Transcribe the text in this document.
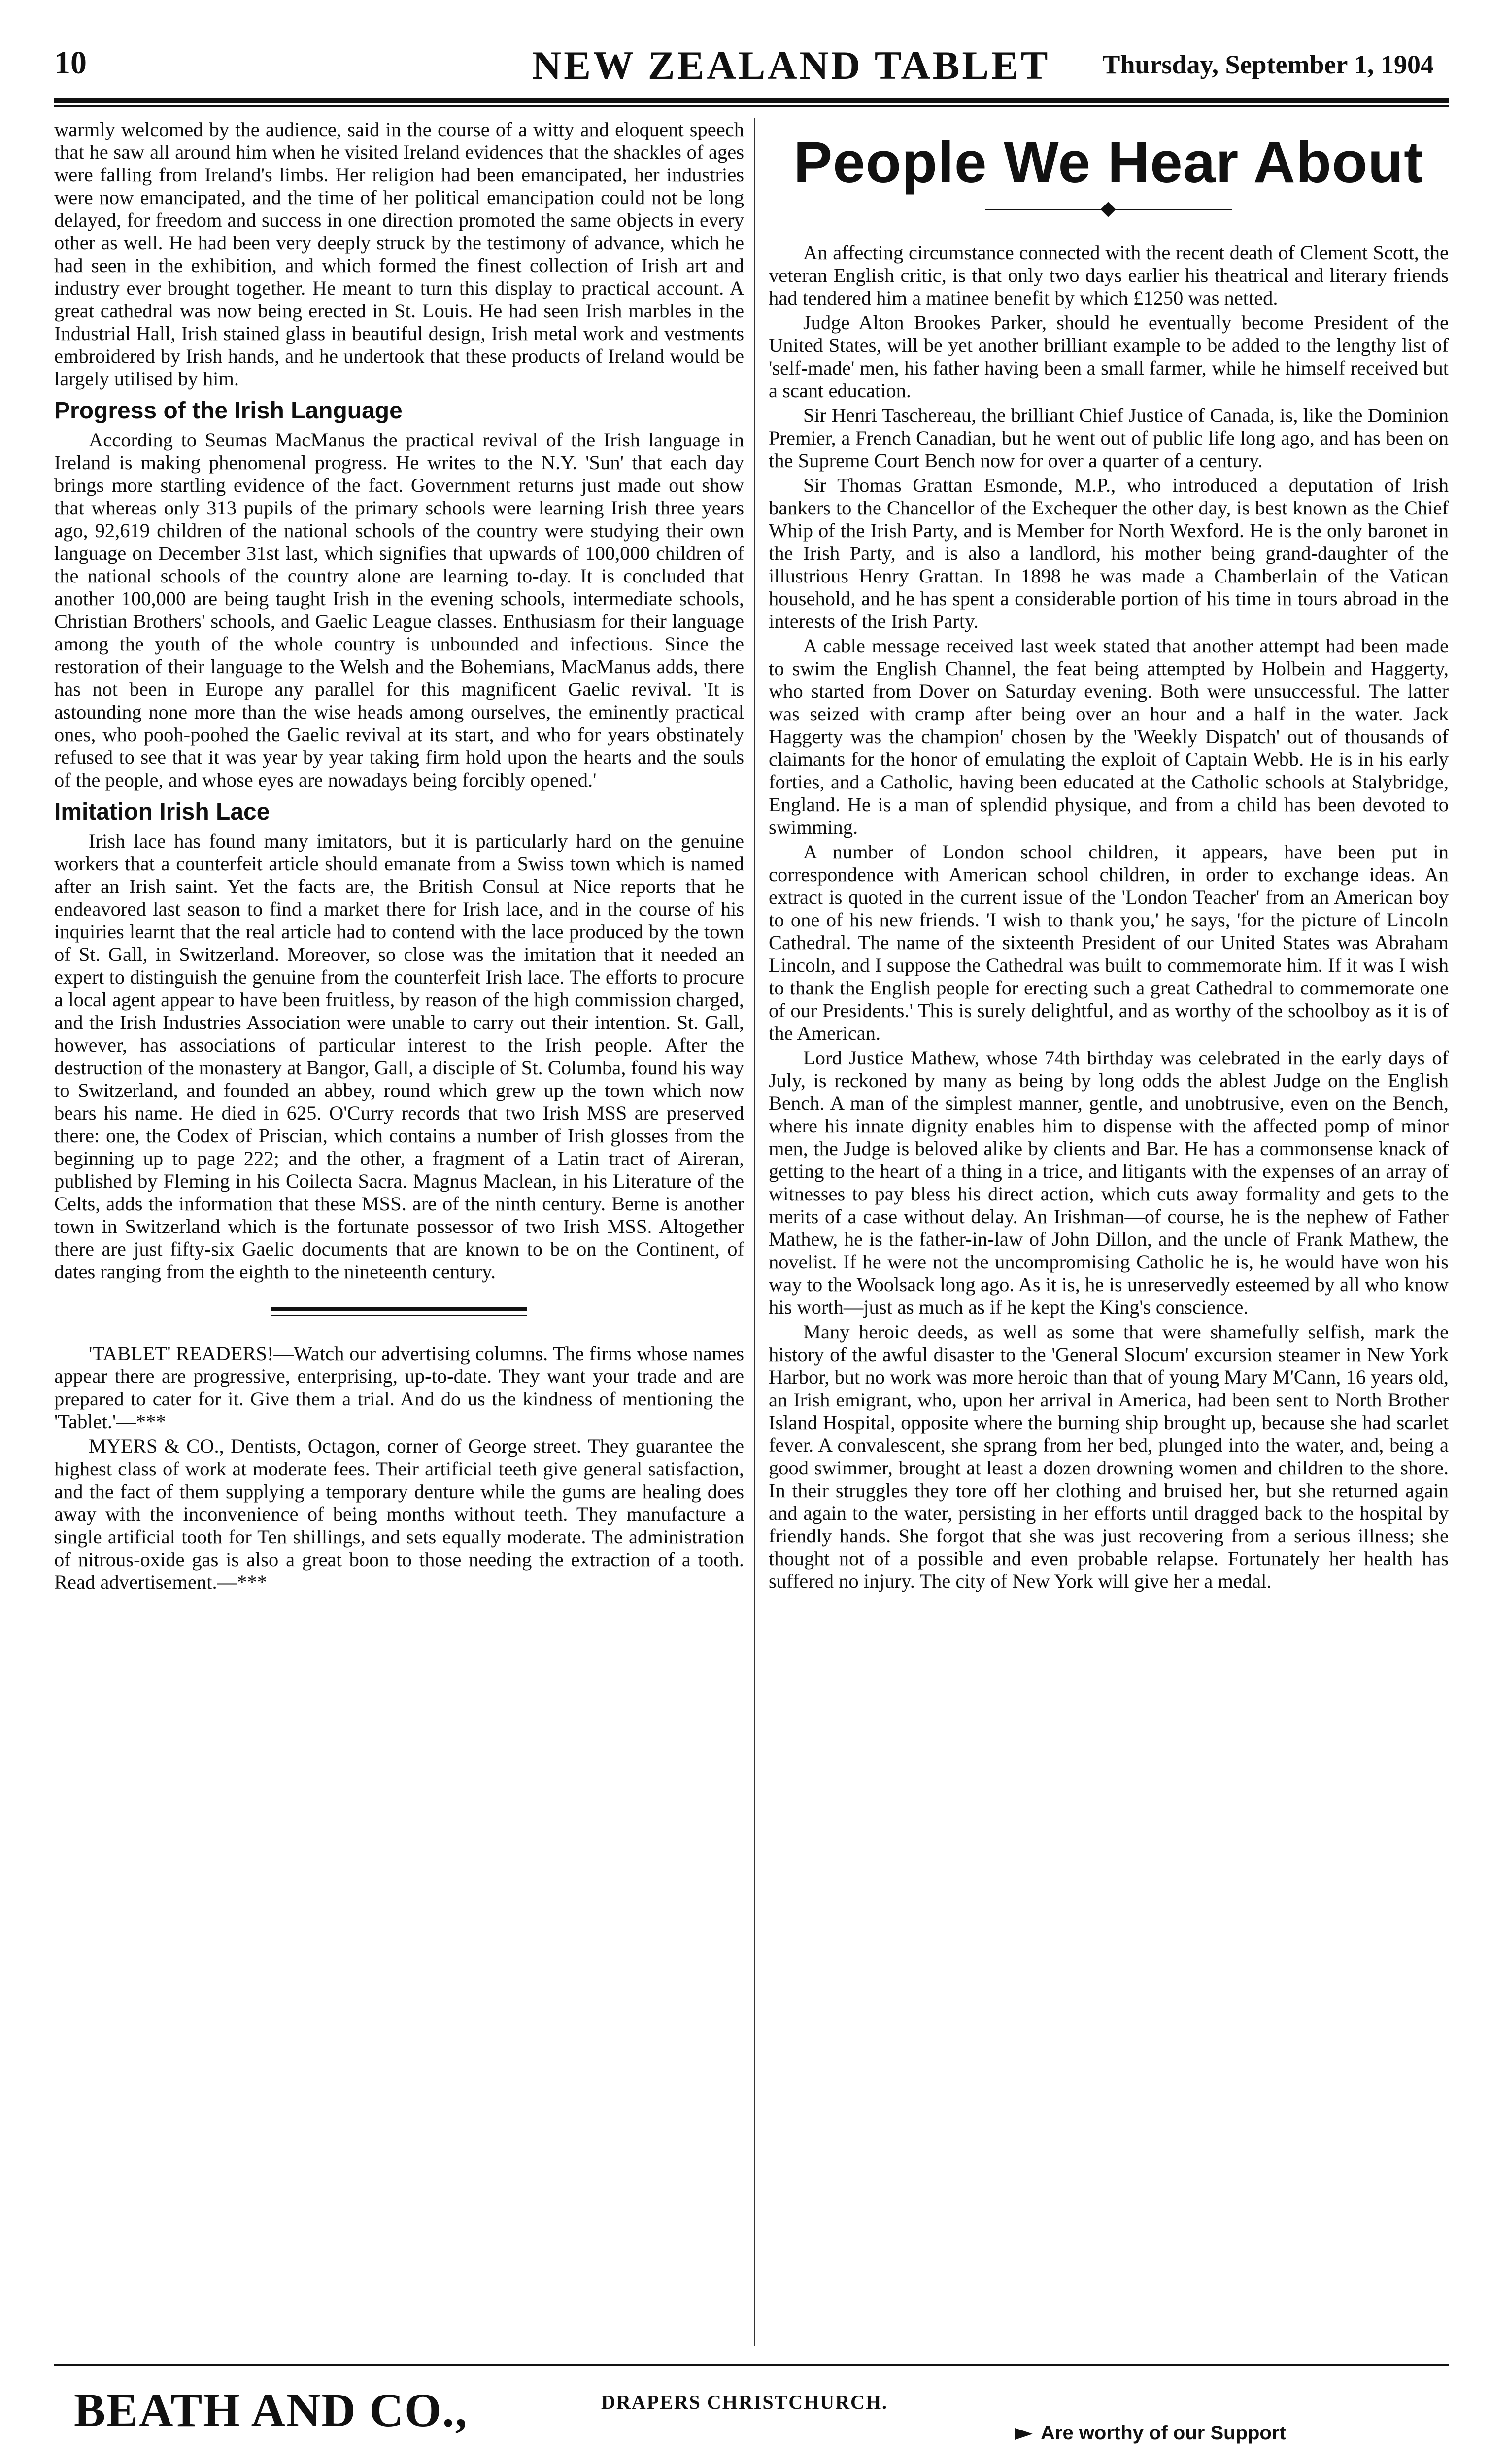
10	NEW ZEALAND TABLET Thursday, September 1, 1904

warmly welcomed by the audience, said in the course of a witty and eloquent speech that he saw all around him when he visited Ireland evidences that the shackles of ages were falling from Ireland's limbs. Her religion had been emancipated, her industries were now emancipated, and the time of her political emancipation could not be long delayed, for freedom and success in one direction promoted the same objects in every other as well. He had been very deeply struck by the testimony of advance, which he had seen in the exhibition, and which formed the finest collection of Irish art and industry ever brought together. He meant to turn this display to practical account. A great cathedral was now being erected in St. Louis. He had seen Irish marbles in the Industrial Hall, Irish stained glass in beautiful design, Irish metal work and vestments embroidered by Irish hands, and he undertook that these products of Ireland would be largely utilised by him.

Progress of the Irish Language

According to Seumas MacManus the practical revival of the Irish language in Ireland is making phenomenal progress. He writes to the N.Y. 'Sun' that each day brings more startling evidence of the fact. Government returns just made out show that whereas only 313 pupils of the primary schools were learning Irish three years ago, 92,619 children of the national schools of the country were studying their own language on December 31st last, which signifies that upwards of 100,000 children of the national schools of the country alone are learning to-day. It is concluded that another 100,000 are being taught Irish in the evening schools, intermediate schools, Christian Brothers' schools, and Gaelic League classes. Enthusiasm for their language among the youth of the whole country is unbounded and infectious. Since the restoration of their language to the Welsh and the Bohemians, MacManus adds, there has not been in Europe any parallel for this magnificent Gaelic revival. 'It is astounding none more than the wise heads among ourselves, the eminently practical ones, who pooh-poohed the Gaelic revival at its start, and who for years obstinately refused to see that it was year by year taking firm hold upon the hearts and the souls of the people, and whose eyes are nowadays being forcibly opened.'

Imitation Irish Lace

Irish lace has found many imitators, but it is particularly hard on the genuine workers that a counterfeit article should emanate from a Swiss town which is named after an Irish saint. Yet the facts are, the British Consul at Nice reports that he endeavored last season to find a market there for Irish lace, and in the course of his inquiries learnt that the real article had to contend with the lace produced by the town of St. Gall, in Switzerland. Moreover, so close was the imitation that it needed an expert to distinguish the genuine from the counterfeit Irish lace. The efforts to procure a local agent appear to have been fruitless, by reason of the high commission charged, and the Irish Industries Association were unable to carry out their intention. St. Gall, however, has associations of particular interest to the Irish people. After the destruction of the monastery at Bangor, Gall, a disciple of St. Columba, found his way to Switzerland, and founded an abbey, round which grew up the town which now bears his name. He died in 625. O'Curry records that two Irish MSS are preserved there: one, the Codex of Priscian, which contains a number of Irish glosses from the beginning up to page 222; and the other, a fragment of a Latin tract of Aireran, published by Fleming in his Coilecta Sacra. Magnus Maclean, in his Literature of the Celts, adds the information that these MSS. are of the ninth century. Berne is another town in Switzerland which is the fortunate possessor of two Irish MSS. Altogether there are just fifty-six Gaelic documents that are known to be on the Continent, of dates ranging from the eighth to the nineteenth century.

'TABLET' READERS!—Watch our advertising columns. The firms whose names appear there are progressive, enterprising, up-to-date. They want your trade and are prepared to cater for it. Give them a trial. And do us the kindness of mentioning the 'Tablet.'—***

MYERS & CO., Dentists, Octagon, corner of George street. They guarantee the highest class of work at moderate fees. Their artificial teeth give general satisfaction, and the fact of them supplying a temporary denture while the gums are healing does away with the inconvenience of being months without teeth. They manufacture a single artificial tooth for Ten shillings, and sets equally moderate. The administration of nitrous-oxide gas is also a great boon to those needing the extraction of a tooth. Read advertisement.—***

People We Hear About

An affecting circumstance connected with the recent death of Clement Scott, the veteran English critic, is that only two days earlier his theatrical and literary friends had tendered him a matinee benefit by which £1250 was netted.

Judge Alton Brookes Parker, should he eventually become President of the United States, will be yet another brilliant example to be added to the lengthy list of 'self-made' men, his father having been a small farmer, while he himself received but a scant education.

Sir Henri Taschereau, the brilliant Chief Justice of Canada, is, like the Dominion Premier, a French Canadian, but he went out of public life long ago, and has been on the Supreme Court Bench now for over a quarter of a century.

Sir Thomas Grattan Esmonde, M.P., who introduced a deputation of Irish bankers to the Chancellor of the Exchequer the other day, is best known as the Chief Whip of the Irish Party, and is Member for North Wexford. He is the only baronet in the Irish Party, and is also a landlord, his mother being grand-daughter of the illustrious Henry Grattan. In 1898 he was made a Chamberlain of the Vatican household, and he has spent a considerable portion of his time in tours abroad in the interests of the Irish Party.

A cable message received last week stated that another attempt had been made to swim the English Channel, the feat being attempted by Holbein and Haggerty, who started from Dover on Saturday evening. Both were unsuccessful. The latter was seized with cramp after being over an hour and a half in the water. Jack Haggerty was the champion' chosen by the 'Weekly Dispatch' out of thousands of claimants for the honor of emulating the exploit of Captain Webb. He is in his early forties, and a Catholic, having been educated at the Catholic schools at Stalybridge, England. He is a man of splendid physique, and from a child has been devoted to swimming.

A number of London school children, it appears, have been put in correspondence with American school children, in order to exchange ideas. An extract is quoted in the current issue of the 'London Teacher' from an American boy to one of his new friends. 'I wish to thank you,' he says, 'for the picture of Lincoln Cathedral. The name of the sixteenth President of our United States was Abraham Lincoln, and I suppose the Cathedral was built to commemorate him. If it was I wish to thank the English people for erecting such a great Cathedral to commemorate one of our Presidents.' This is surely delightful, and as worthy of the schoolboy as it is of the American.

Lord Justice Mathew, whose 74th birthday was celebrated in the early days of July, is reckoned by many as being by long odds the ablest Judge on the English Bench. A man of the simplest manner, gentle, and unobtrusive, even on the Bench, where his innate dignity enables him to dispense with the affected pomp of minor men, the Judge is beloved alike by clients and Bar. He has a commonsense knack of getting to the heart of a thing in a trice, and litigants with the expenses of an array of witnesses to pay bless his direct action, which cuts away formality and gets to the merits of a case without delay. An Irishman—of course, he is the nephew of Father Mathew, he is the father-in-law of John Dillon, and the uncle of Frank Mathew, the novelist. If he were not the uncompromising Catholic he is, he would have won his way to the Woolsack long ago. As it is, he is unreservedly esteemed by all who know his worth—just as much as if he kept the King's conscience.

Many heroic deeds, as well as some that were shamefully selfish, mark the history of the awful disaster to the 'General Slocum' excursion steamer in New York Harbor, but no work was more heroic than that of young Mary M'Cann, 16 years old, an Irish emigrant, who, upon her arrival in America, had been sent to North Brother Island Hospital, opposite where the burning ship brought up, because she had scarlet fever. A convalescent, she sprang from her bed, plunged into the water, and, being a good swimmer, brought at least a dozen drowning women and children to the shore. In their struggles they tore off her clothing and bruised her, but she returned again and again to the water, persisting in her efforts until dragged back to the hospital by friendly hands. She forgot that she was just recovering from a serious illness; she thought not of a possible and even probable relapse. Fortunately her health has suffered no injury. The city of New York will give her a medal.

BEATH AND CO.,	DRAPERS CHRISTCHURCH.
Are worthy of our Support
